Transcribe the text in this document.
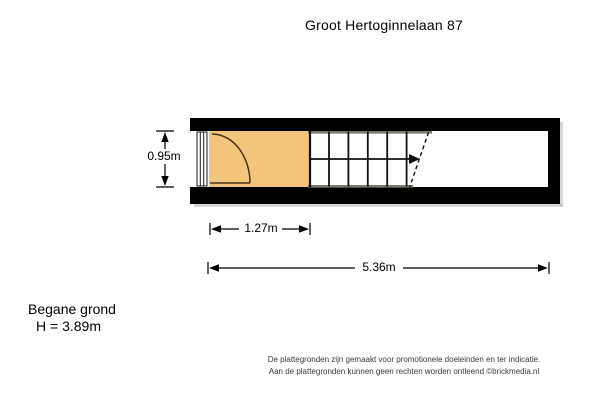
Groot Hertoginnelaan 87
0.95m
1.27m
5.36m
Begane grond
H = 3.89m
De plattegronden zijn gemaakt voor promotionele doeleinden en ter indicatie.
Aan de plattegronden kunnen geen rechten worden ontleend ©brickmedia.nl
